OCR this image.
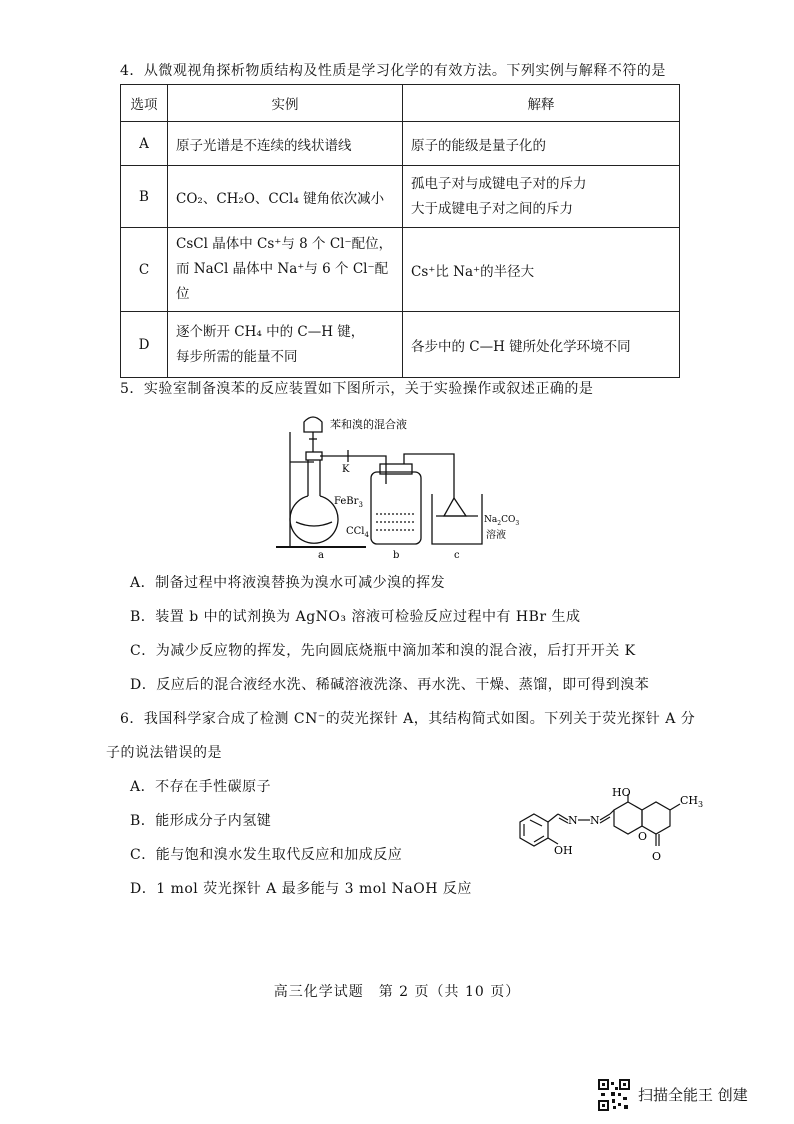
4．从微观视角探析物质结构及性质是学习化学的有效方法。下列实例与解释不符的是
选项	实例	解释
A	原子光谱是不连续的线状谱线	原子的能级是量子化的
B	CO₂、CH₂O、CCl₄ 键角依次减小	孤电子对与成键电子对的斥力
大于成键电子对之间的斥力

C	CsCl 晶体中 Cs⁺与 8 个 Cl⁻配位，
而 NaCl 晶体中 Na⁺与 6 个 Cl⁻配位	Cs⁺比 Na⁺的半径大
D	逐个断开 CH₄ 中的 C—H 键，
每步所需的能量不同	各步中的 C—H 键所处化学环境不同
5．实验室制备溴苯的反应装置如下图所示，关于实验操作或叙述正确的是
苯和溴的混合液
K
FeBr$_3$
CCl$_4$
$Na_2CO_3$
溶液
a	b	c
A．制备过程中将液溴替换为溴水可减少溴的挥发
B．装置 b 中的试剂换为 AgNO₃ 溶液可检验反应过程中有 HBr 生成
C．为减少反应物的挥发，先向圆底烧瓶中滴加苯和溴的混合液，后打开开关 K
D．反应后的混合液经水洗、稀碱溶液洗涤、再水洗、干燥、蒸馏，即可得到溴苯
6．我国科学家合成了检测 CN⁻的荧光探针 A，其结构简式如图。下列关于荧光探针 A 分
子的说法错误的是
A．不存在手性碳原子
B．能形成分子内氢键
C．能与饱和溴水发生取代反应和加成反应
D．1 mol 荧光探针 A 最多能与 3 mol NaOH 反应
HO
$CH_3$
N N
OH
O
O
高三化学试题　第 2 页（共 10 页）
扫描全能王 创建
